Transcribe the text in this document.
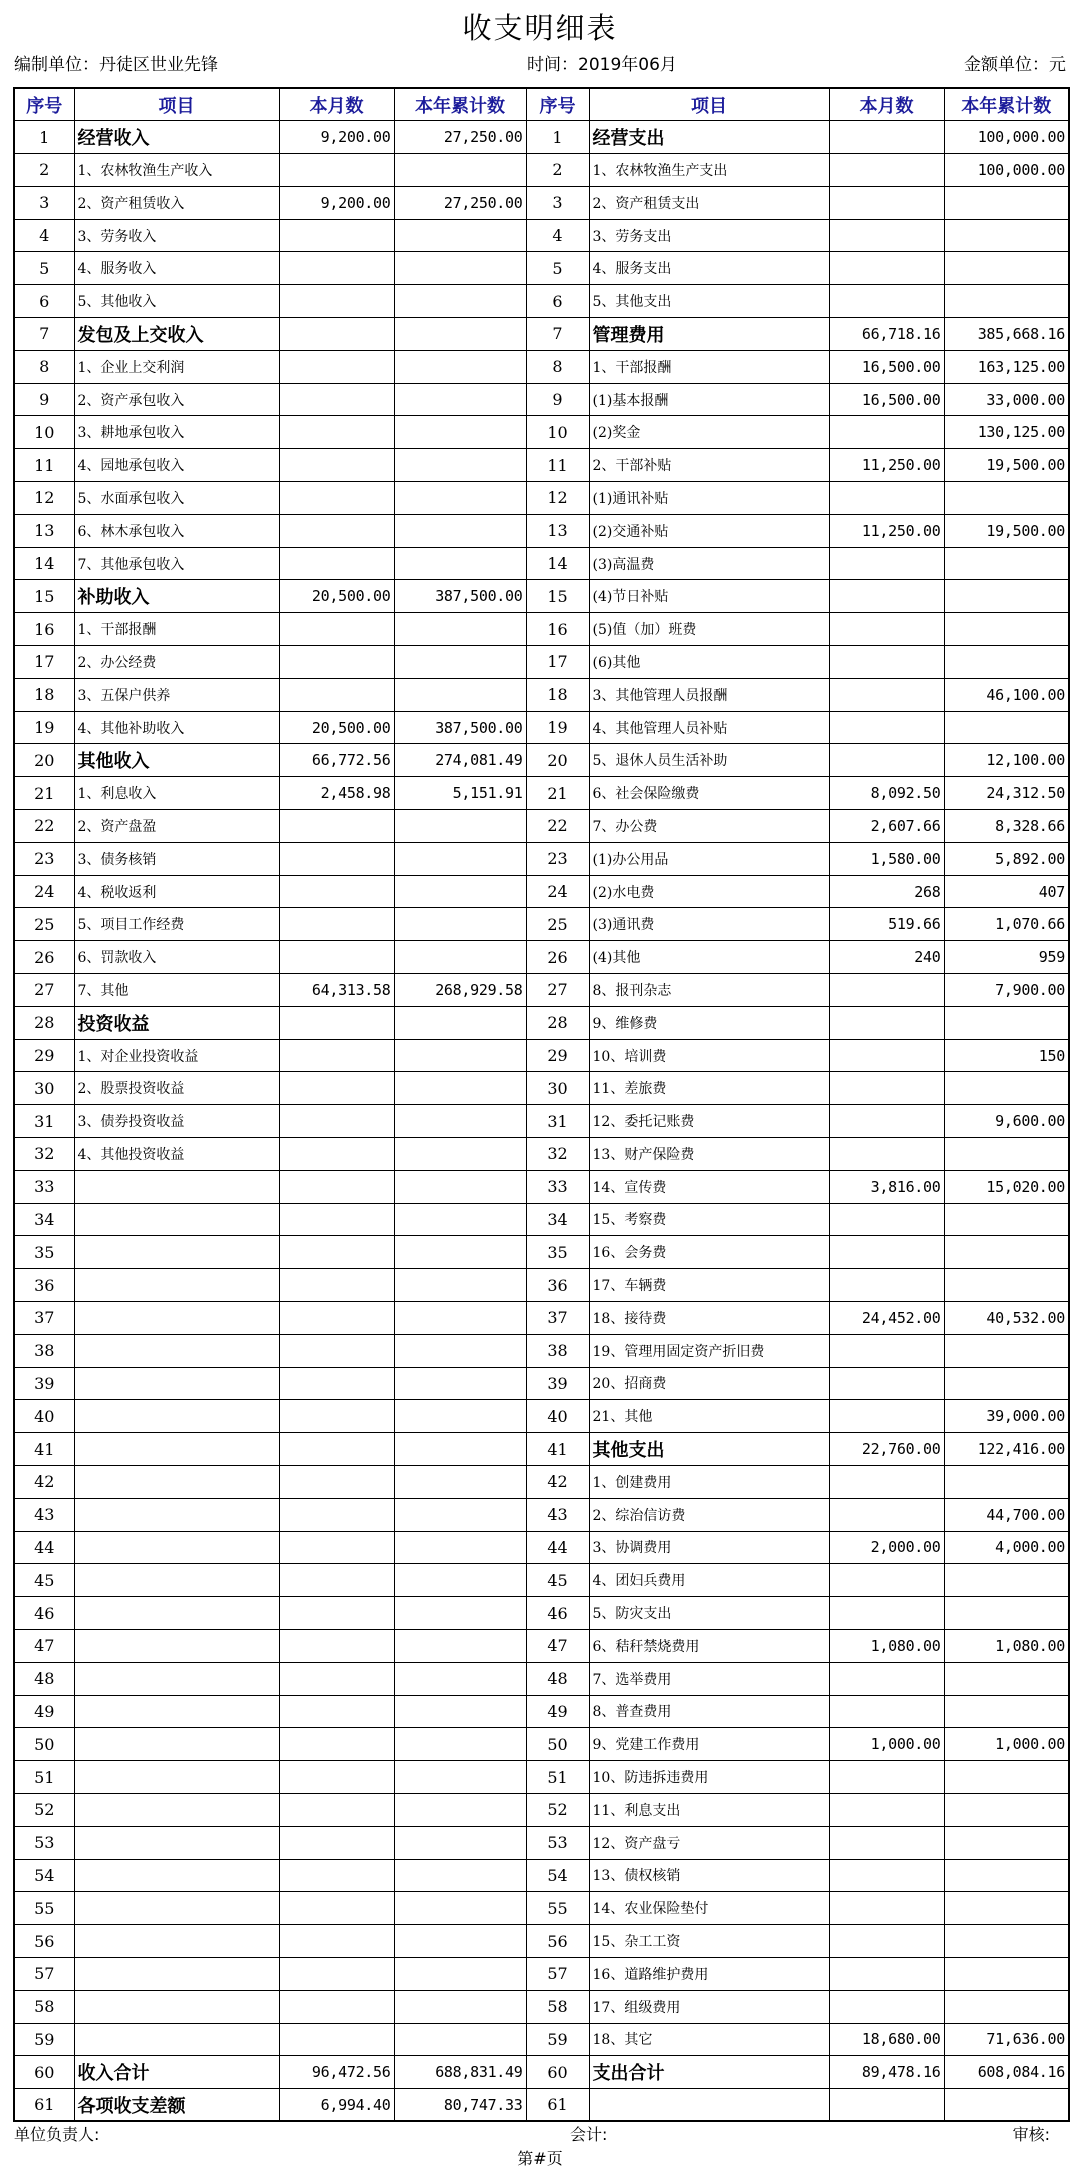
收支明细表
编制单位：丹徒区世业先锋	时间：2019年06月	金额单位：元
序号	项目	本月数	本年累计数	序号	项目	本月数	本年累计数
1	经营收入	9,200.00	27,250.00	1	经营支出		100,000.00
2	1、农林牧渔生产收入			2	1、农林牧渔生产支出		100,000.00
3	2、资产租赁收入	9,200.00	27,250.00	3	2、资产租赁支出		
4	3、劳务收入			4	3、劳务支出		
5	4、服务收入			5	4、服务支出		
6	5、其他收入			6	5、其他支出		
7	发包及上交收入			7	管理费用	66,718.16	385,668.16
8	1、企业上交利润			8	1、干部报酬	16,500.00	163,125.00
9	2、资产承包收入			9	(1)基本报酬	16,500.00	33,000.00
10	3、耕地承包收入			10	(2)奖金		130,125.00
11	4、园地承包收入			11	2、干部补贴	11,250.00	19,500.00
12	5、水面承包收入			12	(1)通讯补贴		
13	6、林木承包收入			13	(2)交通补贴	11,250.00	19,500.00
14	7、其他承包收入			14	(3)高温费		
15	补助收入	20,500.00	387,500.00	15	(4)节日补贴		
16	1、干部报酬			16	(5)值（加）班费		
17	2、办公经费			17	(6)其他		
18	3、五保户供养			18	3、其他管理人员报酬		46,100.00
19	4、其他补助收入	20,500.00	387,500.00	19	4、其他管理人员补贴		
20	其他收入	66,772.56	274,081.49	20	5、退休人员生活补助		12,100.00
21	1、利息收入	2,458.98	5,151.91	21	6、社会保险缴费	8,092.50	24,312.50
22	2、资产盘盈			22	7、办公费	2,607.66	8,328.66
23	3、债务核销			23	(1)办公用品	1,580.00	5,892.00
24	4、税收返利			24	(2)水电费	268	407
25	5、项目工作经费			25	(3)通讯费	519.66	1,070.66
26	6、罚款收入			26	(4)其他	240	959
27	7、其他	64,313.58	268,929.58	27	8、报刊杂志		7,900.00
28	投资收益			28	9、维修费		
29	1、对企业投资收益			29	10、培训费		150
30	2、股票投资收益			30	11、差旅费		
31	3、债券投资收益			31	12、委托记账费		9,600.00
32	4、其他投资收益			32	13、财产保险费		
33				33	14、宣传费	3,816.00	15,020.00
34				34	15、考察费		
35				35	16、会务费		
36				36	17、车辆费		
37				37	18、接待费	24,452.00	40,532.00
38				38	19、管理用固定资产折旧费		
39				39	20、招商费		
40				40	21、其他		39,000.00
41				41	其他支出	22,760.00	122,416.00
42				42	1、创建费用		
43				43	2、综治信访费		44,700.00
44				44	3、协调费用	2,000.00	4,000.00
45				45	4、团妇兵费用		
46				46	5、防灾支出		
47				47	6、秸秆禁烧费用	1,080.00	1,080.00
48				48	7、选举费用		
49				49	8、普查费用		
50				50	9、党建工作费用	1,000.00	1,000.00
51				51	10、防违拆违费用		
52				52	11、利息支出		
53				53	12、资产盘亏		
54				54	13、债权核销		
55				55	14、农业保险垫付		
56				56	15、杂工工资		
57				57	16、道路维护费用		
58				58	17、组级费用		
59				59	18、其它	18,680.00	71,636.00
60	收入合计	96,472.56	688,831.49	60	支出合计	89,478.16	608,084.16
61	各项收支差额	6,994.40	80,747.33	61			
单位负责人:	会计:	审核:
第#页
